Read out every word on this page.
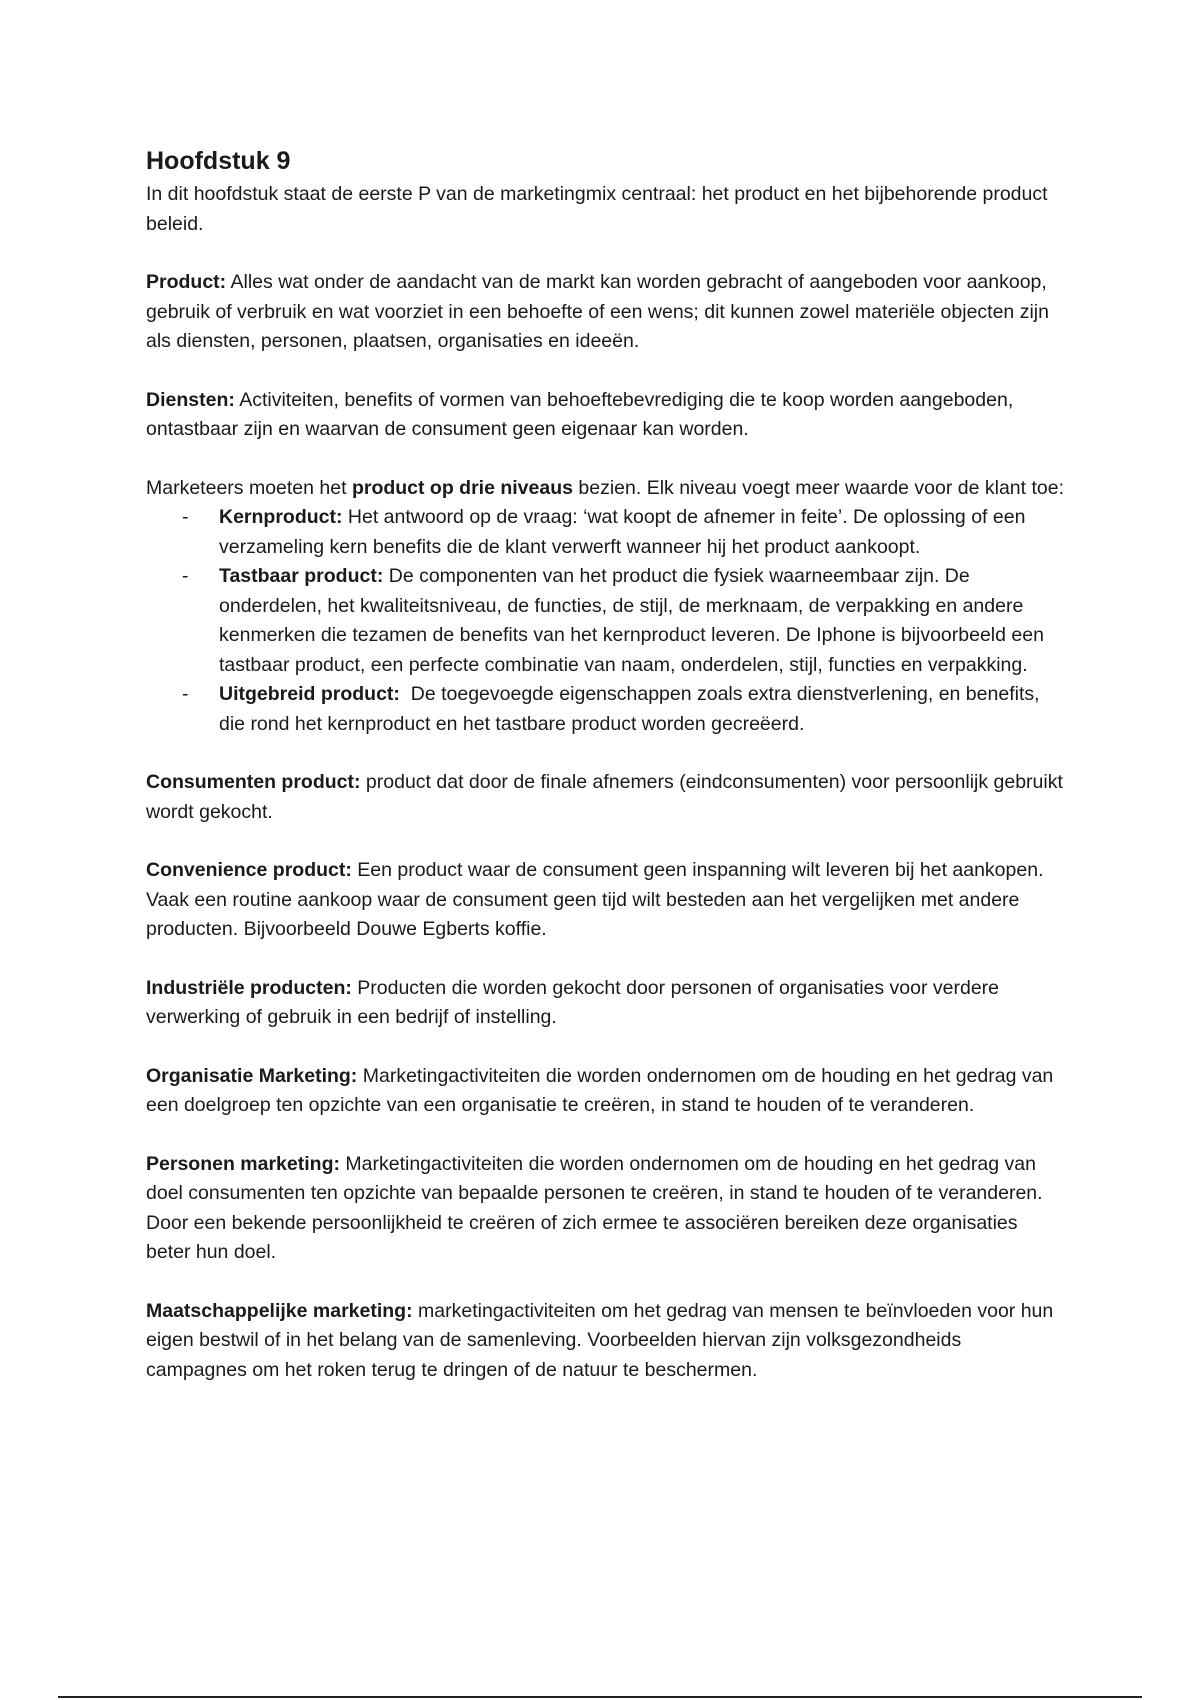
Hoofdstuk 9

In dit hoofdstuk staat de eerste P van de marketingmix centraal: het product en het bijbehorende product beleid.

Product: Alles wat onder de aandacht van de markt kan worden gebracht of aangeboden voor aankoop, gebruik of verbruik en wat voorziet in een behoefte of een wens; dit kunnen zowel materiële objecten zijn als diensten, personen, plaatsen, organisaties en ideeën.

Diensten: Activiteiten, benefits of vormen van behoeftebevrediging die te koop worden aangeboden, ontastbaar zijn en waarvan de consument geen eigenaar kan worden.

Marketeers moeten het product op drie niveaus bezien. Elk niveau voegt meer waarde voor de klant toe:

- Kernproduct: Het antwoord op de vraag: ‘wat koopt de afnemer in feite’. De oplossing of een verzameling kern benefits die de klant verwerft wanneer hij het product aankoopt.
- Tastbaar product: De componenten van het product die fysiek waarneembaar zijn. De onderdelen, het kwaliteitsniveau, de functies, de stijl, de merknaam, de verpakking en andere kenmerken die tezamen de benefits van het kernproduct leveren. De Iphone is bijvoorbeeld een tastbaar product, een perfecte combinatie van naam, onderdelen, stijl, functies en verpakking.
- Uitgebreid product:  De toegevoegde eigenschappen zoals extra dienstverlening, en benefits, die rond het kernproduct en het tastbare product worden gecreëerd.

Consumenten product: product dat door de finale afnemers (eindconsumenten) voor persoonlijk gebruikt wordt gekocht.

Convenience product: Een product waar de consument geen inspanning wilt leveren bij het aankopen. Vaak een routine aankoop waar de consument geen tijd wilt besteden aan het vergelijken met andere producten. Bijvoorbeeld Douwe Egberts koffie.

Industriële producten: Producten die worden gekocht door personen of organisaties voor verdere verwerking of gebruik in een bedrijf of instelling.

Organisatie Marketing: Marketingactiviteiten die worden ondernomen om de houding en het gedrag van een doelgroep ten opzichte van een organisatie te creëren, in stand te houden of te veranderen.

Personen marketing: Marketingactiviteiten die worden ondernomen om de houding en het gedrag van doel consumenten ten opzichte van bepaalde personen te creëren, in stand te houden of te veranderen. Door een bekende persoonlijkheid te creëren of zich ermee te associëren bereiken deze organisaties beter hun doel.

Maatschappelijke marketing: marketingactiviteiten om het gedrag van mensen te beïnvloeden voor hun eigen bestwil of in het belang van de samenleving. Voorbeelden hiervan zijn volksgezondheids campagnes om het roken terug te dringen of de natuur te beschermen.
